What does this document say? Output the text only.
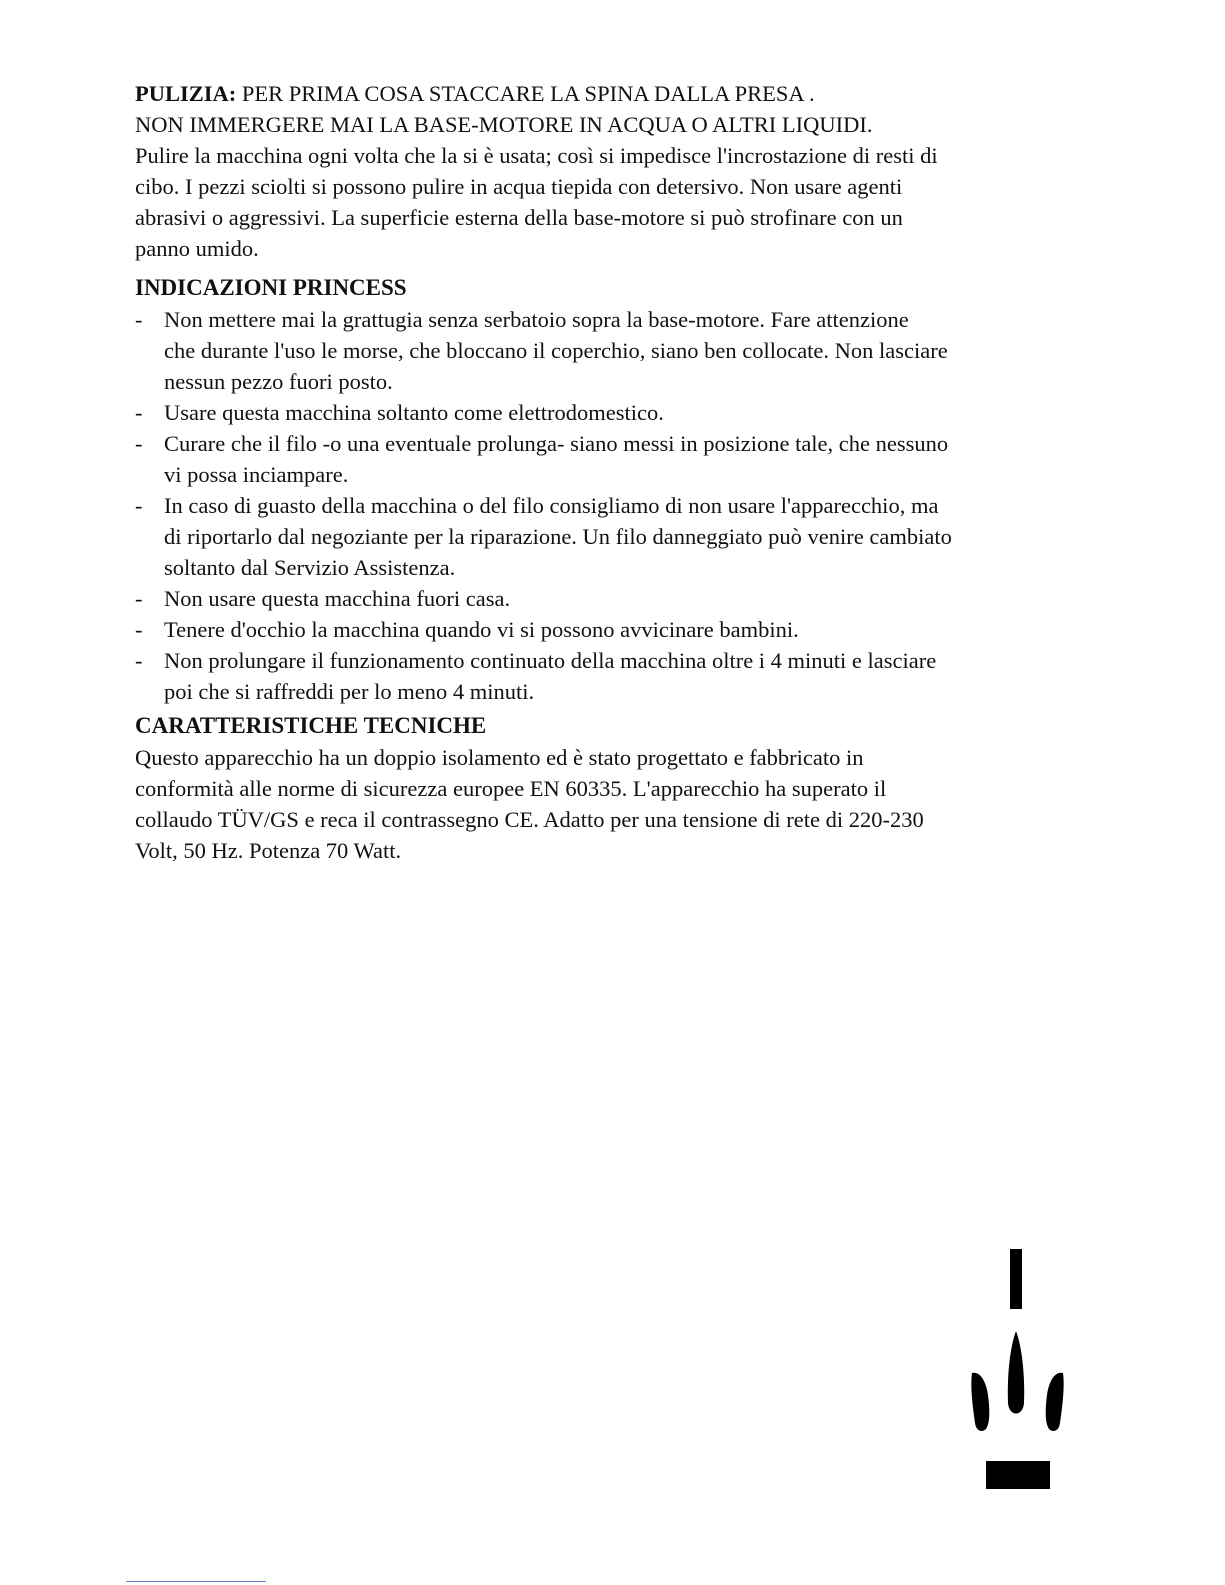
PULIZIA: PER PRIMA COSA STACCARE LA SPINA DALLA PRESA .
NON IMMERGERE MAI LA BASE-MOTORE IN ACQUA O ALTRI LIQUIDI.
Pulire la macchina ogni volta che la si è usata; così si impedisce l'incrostazione di resti di
cibo. I pezzi sciolti si possono pulire in acqua tiepida con detersivo. Non usare agenti
abrasivi o aggressivi. La superficie esterna della base-motore si può strofinare con un
panno umido.
INDICAZIONI PRINCESS
- Non mettere mai la grattugia senza serbatoio sopra la base-motore. Fare attenzione
che durante l'uso le morse, che bloccano il coperchio, siano ben collocate. Non lasciare
nessun pezzo fuori posto.
- Usare questa macchina soltanto come elettrodomestico.
- Curare che il filo -o una eventuale prolunga- siano messi in posizione tale, che nessuno
vi possa inciampare.
- In caso di guasto della macchina o del filo consigliamo di non usare l'apparecchio, ma
di riportarlo dal negoziante per la riparazione. Un filo danneggiato può venire cambiato
soltanto dal Servizio Assistenza.
- Non usare questa macchina fuori casa.
- Tenere d'occhio la macchina quando vi si possono avvicinare bambini.
- Non prolungare il funzionamento continuato della macchina oltre i 4 minuti e lasciare
poi che si raffreddi per lo meno 4 minuti.
CARATTERISTICHE TECNICHE
Questo apparecchio ha un doppio isolamento ed è stato progettato e fabbricato in
conformità alle norme di sicurezza europee EN 60335. L'apparecchio ha superato il
collaudo TÜV/GS e reca il contrassegno CE. Adatto per una tensione di rete di 220-230
Volt, 50 Hz. Potenza 70 Watt.
